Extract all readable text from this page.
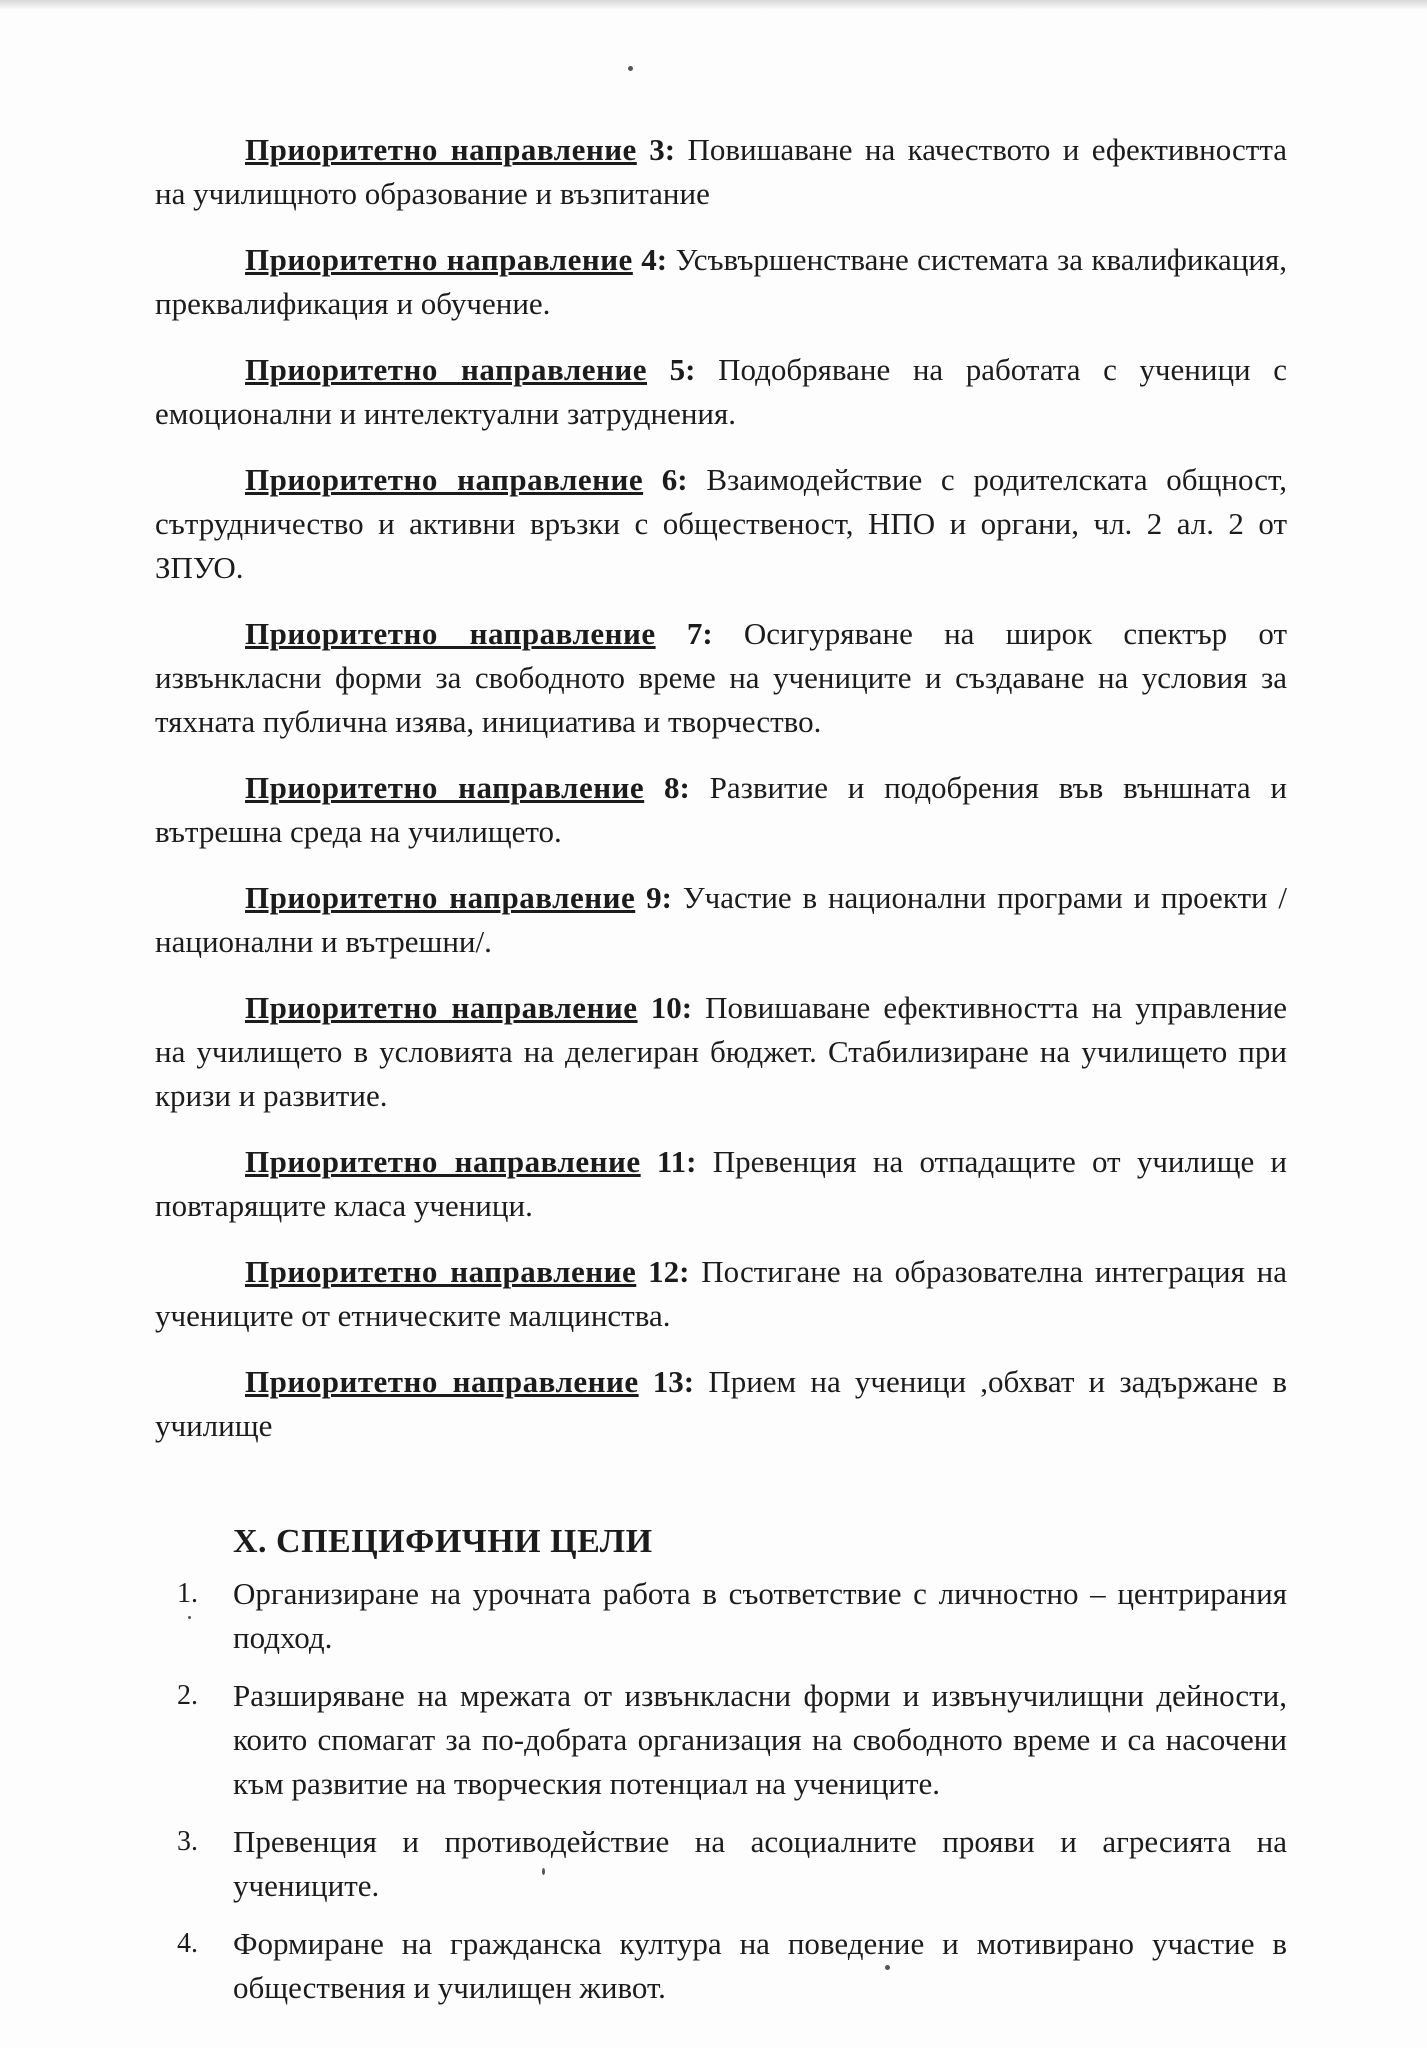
Приоритетно направление 3: Повишаване на качеството и ефективността на училищното образование и възпитание

Приоритетно направление 4: Усъвършенстване системата за квалификация, преквалификация и обучение.

Приоритетно направление 5: Подобряване на работата с ученици с емоционални и интелектуални затруднения.

Приоритетно направление 6: Взаимодействие с родителската общност, сътрудничество и активни връзки с общественост, НПО и органи, чл. 2 ал. 2 от ЗПУО.

Приоритетно направление 7: Осигуряване на широк спектър от извънкласни форми за свободното време на учениците и създаване на условия за тяхната публична изява, инициатива и творчество.

Приоритетно направление 8: Развитие и подобрения във външната и вътрешна среда на училището.

Приоритетно направление 9: Участие в национални програми и проекти /национални и вътрешни/.

Приоритетно направление 10: Повишаване ефективността на управление на училището в условията на делегиран бюджет. Стабилизиране на училището при кризи и развитие.

Приоритетно направление 11: Превенция на отпадащите от училище и повтарящите класа ученици.

Приоритетно направление 12: Постигане на образователна интеграция на учениците от етническите малцинства.

Приоритетно направление 13: Прием на ученици ,обхват и задържане в училище

X. СПЕЦИФИЧНИ ЦЕЛИ
1.	Организиране на урочната работа в съответствие с личностно – центрирания подход.
2.	Разширяване на мрежата от извънкласни форми и извънучилищни дейности, които спомагат за по-добрата организация на свободното време и са насочени към развитие на творческия потенциал на учениците.
3.	Превенция и противодействие на асоциалните прояви и агресията на учениците.
4.	Формиране на гражданска култура на поведение и мотивирано участие в обществения и училищен живот.
